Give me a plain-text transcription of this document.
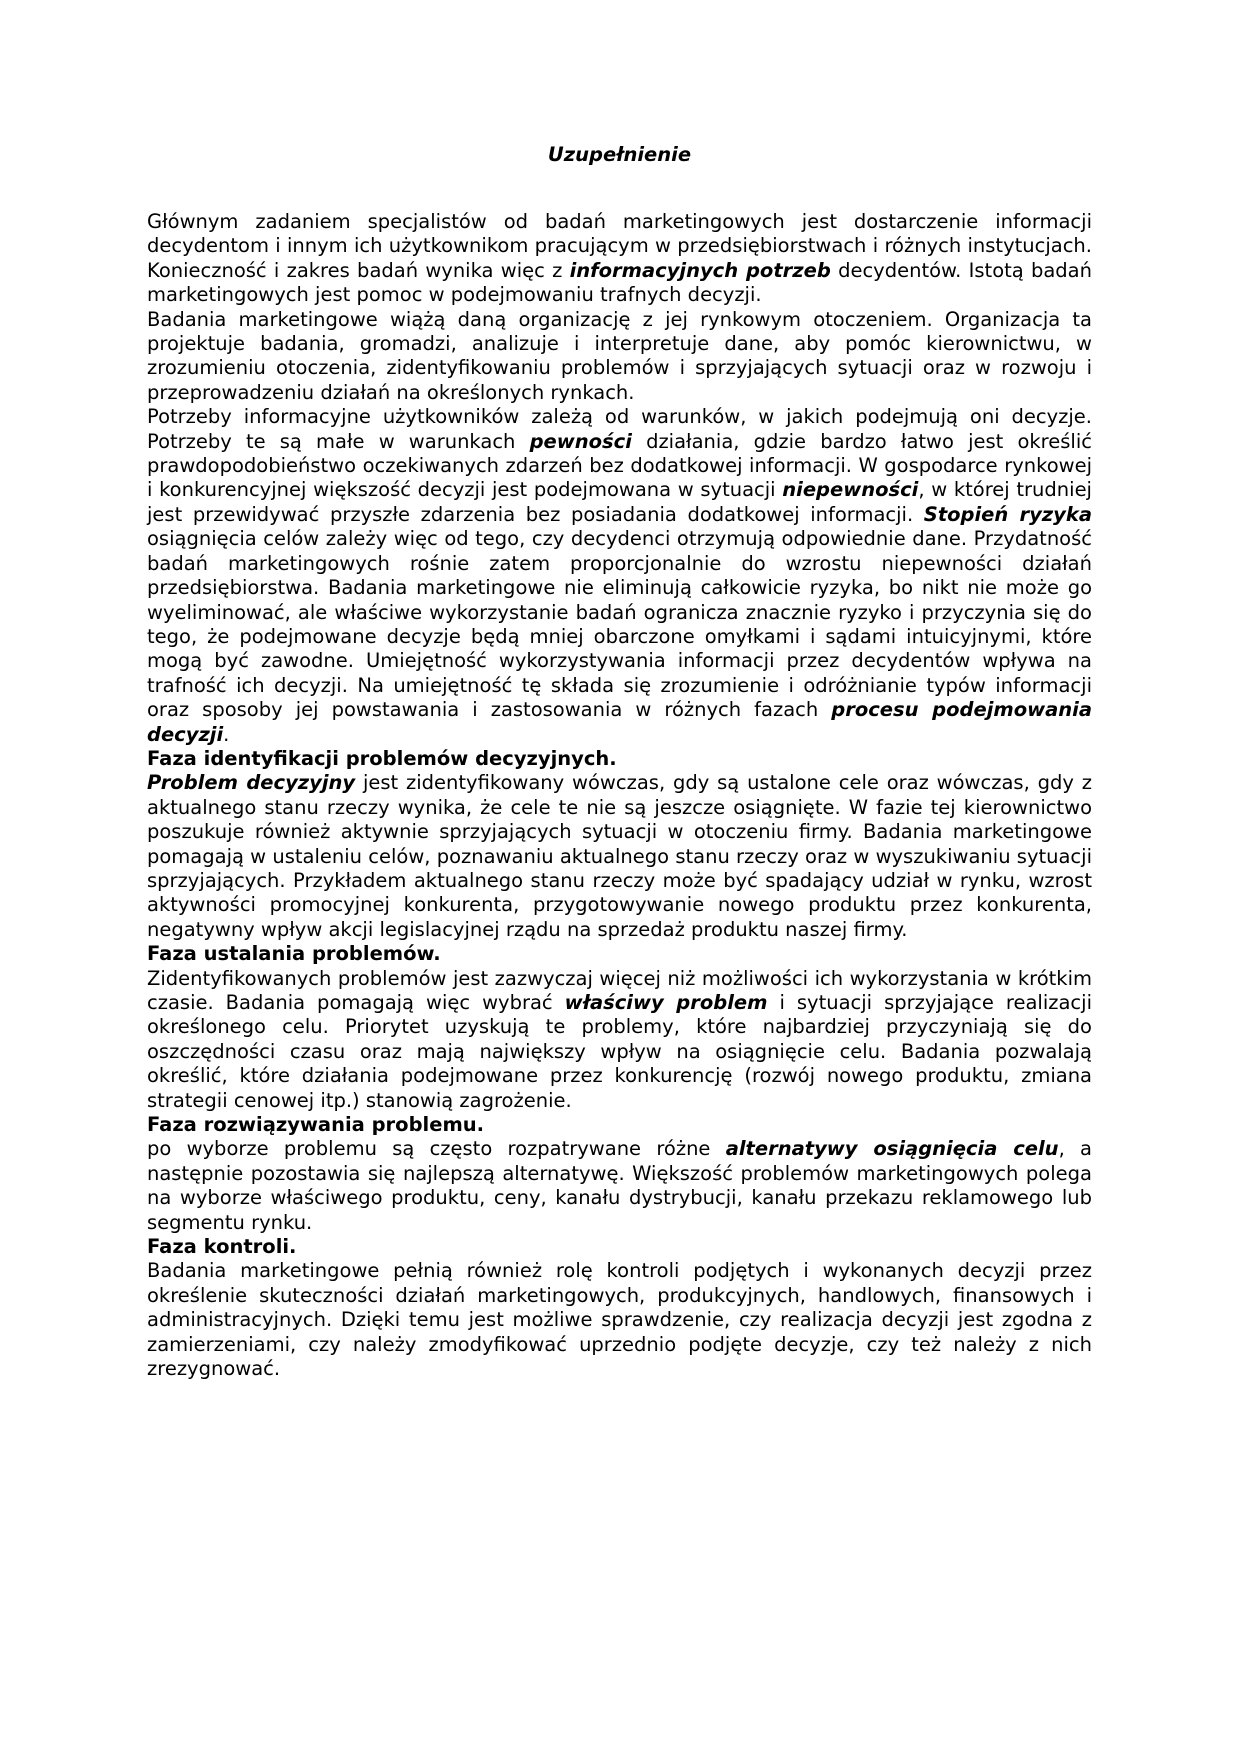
Uzupełnienie

Głównym zadaniem specjalistów od badań marketingowych jest dostarczenie informacji decydentom i innym ich użytkownikom pracującym w przedsiębiorstwach i różnych instytucjach. Konieczność i zakres badań wynika więc z informacyjnych potrzeb decydentów. Istotą badań marketingowych jest pomoc w podejmowaniu trafnych decyzji.

Badania marketingowe wiążą daną organizację z jej rynkowym otoczeniem. Organizacja ta projektuje badania, gromadzi, analizuje i interpretuje dane, aby pomóc kierownictwu, w zrozumieniu otoczenia, zidentyfikowaniu problemów i sprzyjających sytuacji oraz w rozwoju i przeprowadzeniu działań na określonych rynkach.

Potrzeby informacyjne użytkowników zależą od warunków, w jakich podejmują oni decyzje. Potrzeby te są małe w warunkach pewności działania, gdzie bardzo łatwo jest określić prawdopodobieństwo oczekiwanych zdarzeń bez dodatkowej informacji. W gospodarce rynkowej i konkurencyjnej większość decyzji jest podejmowana w sytuacji niepewności, w której trudniej jest przewidywać przyszłe zdarzenia bez posiadania dodatkowej informacji. Stopień ryzyka osiągnięcia celów zależy więc od tego, czy decydenci otrzymują odpowiednie dane. Przydatność badań marketingowych rośnie zatem proporcjonalnie do wzrostu niepewności działań przedsiębiorstwa. Badania marketingowe nie eliminują całkowicie ryzyka, bo nikt nie może go wyeliminować, ale właściwe wykorzystanie badań ogranicza znacznie ryzyko i przyczynia się do tego, że podejmowane decyzje będą mniej obarczone omyłkami i sądami intuicyjnymi, które mogą być zawodne. Umiejętność wykorzystywania informacji przez decydentów wpływa na trafność ich decyzji. Na umiejętność tę składa się zrozumienie i odróżnianie typów informacji oraz sposoby jej powstawania i zastosowania w różnych fazach procesu podejmowania decyzji.

Faza identyfikacji problemów decyzyjnych.

Problem decyzyjny jest zidentyfikowany wówczas, gdy są ustalone cele oraz wówczas, gdy z aktualnego stanu rzeczy wynika, że cele te nie są jeszcze osiągnięte. W fazie tej kierownictwo poszukuje również aktywnie sprzyjających sytuacji w otoczeniu firmy. Badania marketingowe pomagają w ustaleniu celów, poznawaniu aktualnego stanu rzeczy oraz w wyszukiwaniu sytuacji sprzyjających. Przykładem aktualnego stanu rzeczy może być spadający udział w rynku, wzrost aktywności promocyjnej konkurenta, przygotowywanie nowego produktu przez konkurenta, negatywny wpływ akcji legislacyjnej rządu na sprzedaż produktu naszej firmy.

Faza ustalania problemów.

Zidentyfikowanych problemów jest zazwyczaj więcej niż możliwości ich wykorzystania w krótkim czasie. Badania pomagają więc wybrać właściwy problem i sytuacji sprzyjające realizacji określonego celu. Priorytet uzyskują te problemy, które najbardziej przyczyniają się do oszczędności czasu oraz mają największy wpływ na osiągnięcie celu. Badania pozwalają określić, które działania podejmowane przez konkurencję (rozwój nowego produktu, zmiana strategii cenowej itp.) stanowią zagrożenie.

Faza rozwiązywania problemu.

po wyborze problemu są często rozpatrywane różne alternatywy osiągnięcia celu, a następnie pozostawia się najlepszą alternatywę. Większość problemów marketingowych polega na wyborze właściwego produktu, ceny, kanału dystrybucji, kanału przekazu reklamowego lub segmentu rynku.

Faza kontroli.

Badania marketingowe pełnią również rolę kontroli podjętych i wykonanych decyzji przez określenie skuteczności działań marketingowych, produkcyjnych, handlowych, finansowych i administracyjnych. Dzięki temu jest możliwe sprawdzenie, czy realizacja decyzji jest zgodna z zamierzeniami, czy należy zmodyfikować uprzednio podjęte decyzje, czy też należy z nich zrezygnować.
